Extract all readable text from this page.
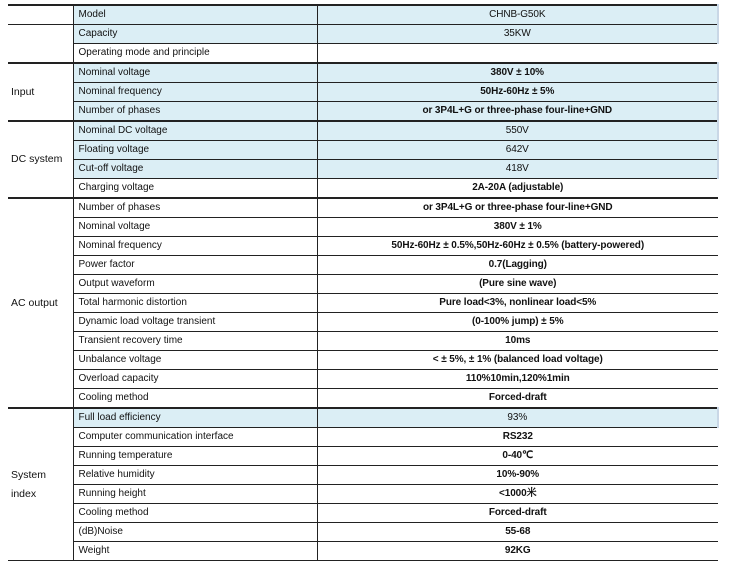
	Model	CHNB-G50K
	Capacity	35KW
	Operating mode and principle	
Input	Nominal voltage	380V ± 10%
	Nominal frequency	50Hz-60Hz ± 5%
	Number of phases	or 3P4L+G or three-phase four-line+GND
DC system	Nominal DC voltage	550V
	Floating voltage	642V
	Cut-off voltage	418V
	Charging voltage	2A-20A (adjustable)
AC output	Number of phases	or 3P4L+G or three-phase four-line+GND
	Nominal voltage	380V ± 1%
	Nominal frequency	50Hz-60Hz ± 0.5%,50Hz-60Hz ± 0.5% (battery-powered)
	Power factor	0.7(Lagging)
	Output waveform	(Pure sine wave)
	Total harmonic distortion	Pure load<3%, nonlinear load<5%
	Dynamic load voltage transient	(0-100% jump) ± 5%
	Transient recovery time	10ms
	Unbalance voltage	< ± 5%, ± 1% (balanced load voltage)
	Overload capacity	110%10min,120%1min
	Cooling method	Forced-draft
System index	Full load efficiency	93%
	Computer communication interface	RS232
	Running temperature	0-40℃
	Relative humidity	10%-90%
	Running height	<1000米
	Cooling method	Forced-draft
	(dB)Noise	55-68
	Weight	92KG
